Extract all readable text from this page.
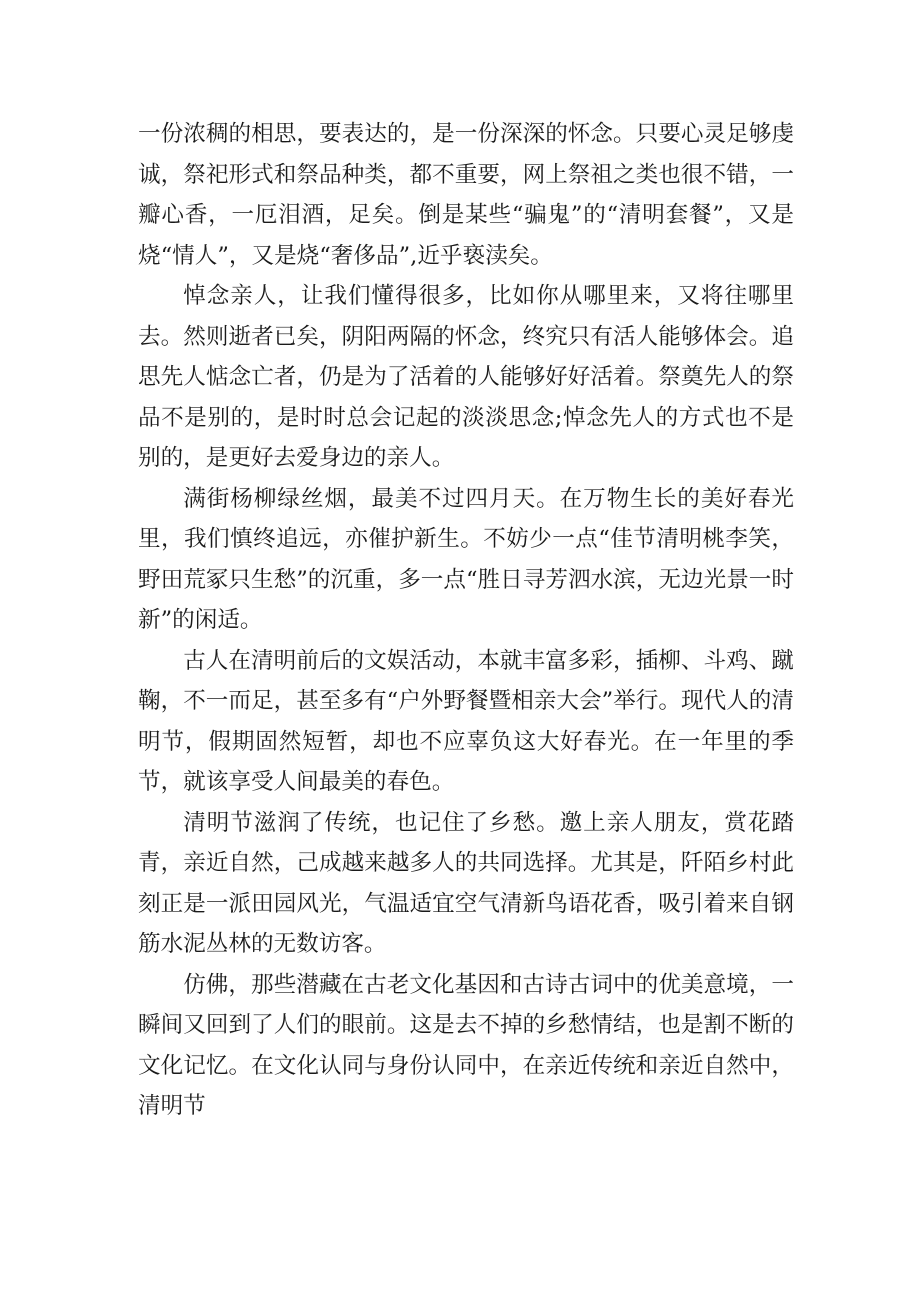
一份浓稠的相思，要表达的，是一份深深的怀念。只要心灵足够虔诚，祭祀形式和祭品种类，都不重要，网上祭祖之类也很不错，一瓣心香，一厄泪酒，足矣。倒是某些“骗鬼”的“清明套餐”，又是烧“情人”，又是烧“奢侈品”,近乎亵渎矣。

悼念亲人，让我们懂得很多，比如你从哪里来，又将往哪里去。然则逝者已矣，阴阳两隔的怀念，终究只有活人能够体会。追思先人惦念亡者，仍是为了活着的人能够好好活着。祭奠先人的祭品不是别的，是时时总会记起的淡淡思念;悼念先人的方式也不是别的，是更好去爱身边的亲人。

满街杨柳绿丝烟，最美不过四月天。在万物生长的美好春光里，我们慎终追远，亦催护新生。不妨少一点“佳节清明桃李笑，野田荒冢只生愁”的沉重，多一点“胜日寻芳泗水滨，无边光景一时新”的闲适。

古人在清明前后的文娱活动，本就丰富多彩，插柳、斗鸡、蹴鞠，不一而足，甚至多有“户外野餐暨相亲大会”举行。现代人的清明节，假期固然短暂，却也不应辜负这大好春光。在一年里的季节，就该享受人间最美的春色。

清明节滋润了传统，也记住了乡愁。邀上亲人朋友，赏花踏青，亲近自然，己成越来越多人的共同选择。尤其是，阡陌乡村此刻正是一派田园风光，气温适宜空气清新鸟语花香，吸引着来自钢筋水泥丛林的无数访客。

仿佛，那些潜藏在古老文化基因和古诗古词中的优美意境，一瞬间又回到了人们的眼前。这是去不掉的乡愁情结，也是割不断的文化记忆。在文化认同与身份认同中，在亲近传统和亲近自然中，清明节
